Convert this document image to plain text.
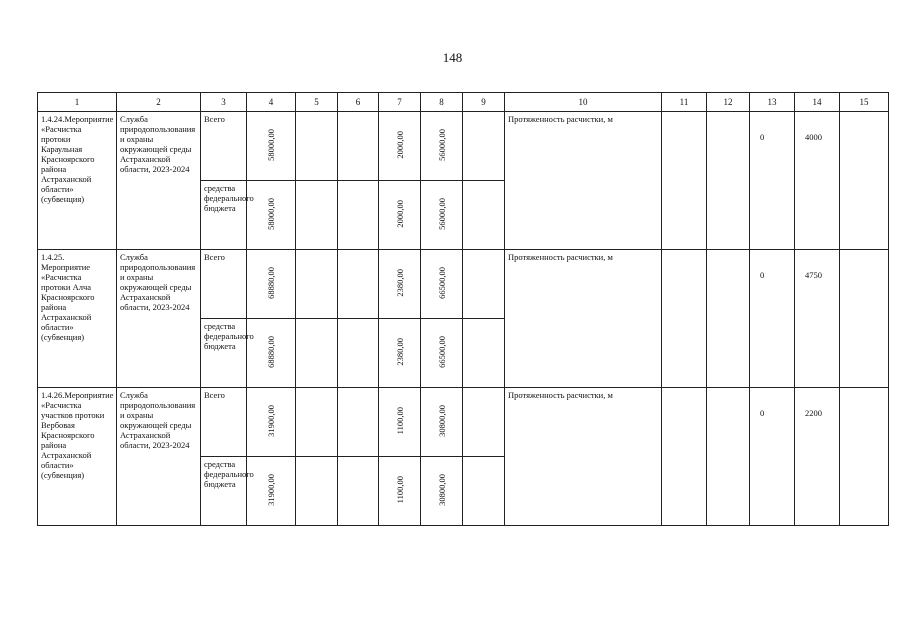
148
1	2	3	4	5	6	7	8	9	10	11	12	13	14	15
1.4.24.Мероприятие «Расчистка протоки Караульная Красноярского района Астраханской области» (субвенция)	Служба природопользования и охраны окружающей среды Астраханской области, 2023-2024	Всего	58000,00			2000,00	56000,00		Протяженность расчистки, м			0	4000	
		средства федерального бюджета	58000,00			2000,00	56000,00							
1.4.25. Мероприятие «Расчистка протоки Алча Красноярского района Астраханской области» (субвенция)	Служба природопользования и охраны окружающей среды Астраханской области, 2023-2024	Всего	68880,00			2380,00	66500,00		Протяженность расчистки, м			0	4750	
		средства федерального бюджета	68880,00			2380,00	66500,00							
1.4.26.Мероприятие «Расчистка участков протоки Вербовая Красноярского района Астраханской области» (субвенция)	Служба природопользования и охраны окружающей среды Астраханской области, 2023-2024	Всего	31900,00			1100,00	30800,00		Протяженность расчистки, м			0	2200	
		средства федерального бюджета	31900,00			1100,00	30800,00							
